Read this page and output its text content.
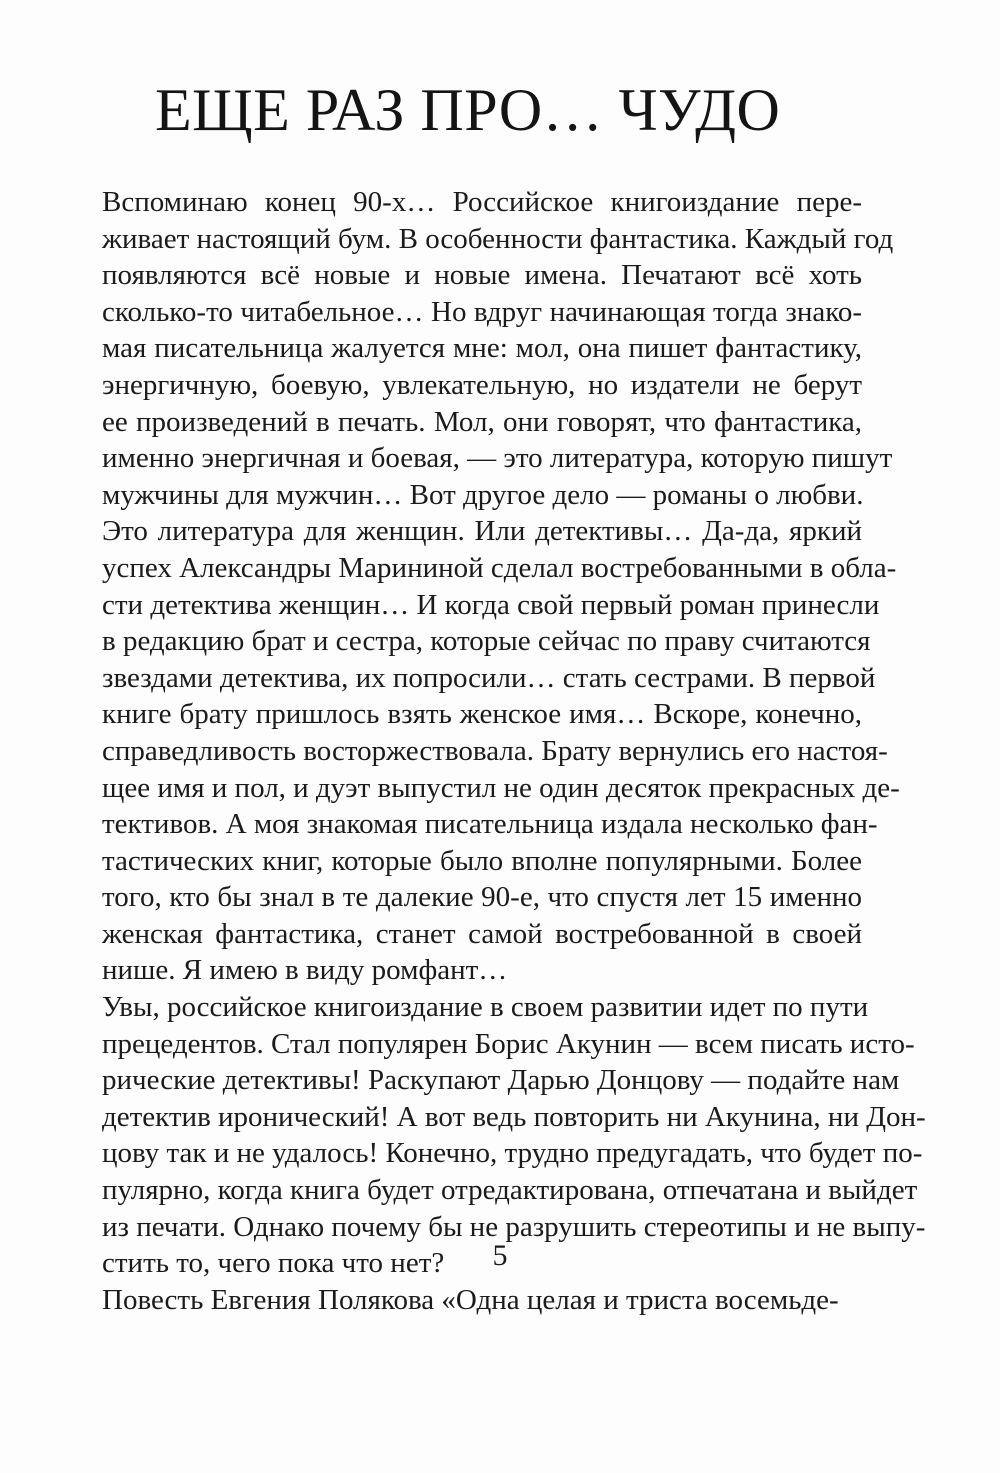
ЕЩЕ РАЗ ПРО… ЧУДО

Вспоминаю конец 90-х… Российское книгоиздание пере-
живает настоящий бум. В особенности фантастика. Каждый год
появляются всё новые и новые имена. Печатают всё хоть
сколько-то читабельное… Но вдруг начинающая тогда знако-
мая писательница жалуется мне: мол, она пишет фантастику,
энергичную, боевую, увлекательную, но издатели не берут
ее произведений в печать. Мол, они говорят, что фантастика,
именно энергичная и боевая, — это литература, которую пишут
мужчины для мужчин… Вот другое дело — романы о любви.
Это литература для женщин. Или детективы… Да-да, яркий
успех Александры Марининой сделал востребованными в обла-
сти детектива женщин… И когда свой первый роман принесли
в редакцию брат и сестра, которые сейчас по праву считаются
звездами детектива, их попросили… стать сестрами. В первой
книге брату пришлось взять женское имя… Вскоре, конечно,
справедливость восторжествовала. Брату вернулись его настоя-
щее имя и пол, и дуэт выпустил не один десяток прекрасных де-
тективов. А моя знакомая писательница издала несколько фан-
тастических книг, которые было вполне популярными. Более
того, кто бы знал в те далекие 90-е, что спустя лет 15 именно
женская фантастика, станет самой востребованной в своей
нише. Я имею в виду ромфант…

Увы, российское книгоиздание в своем развитии идет по пути
прецедентов. Стал популярен Борис Акунин — всем писать исто-
рические детективы! Раскупают Дарью Донцову — подайте нам
детектив иронический! А вот ведь повторить ни Акунина, ни Дон-
цову так и не удалось! Конечно, трудно предугадать, что будет по-
пулярно, когда книга будет отредактирована, отпечатана и выйдет
из печати. Однако почему бы не разрушить стереотипы и не выпу-
стить то, чего пока что нет?

Повесть Евгения Полякова «Одна целая и триста восемьде-

5
